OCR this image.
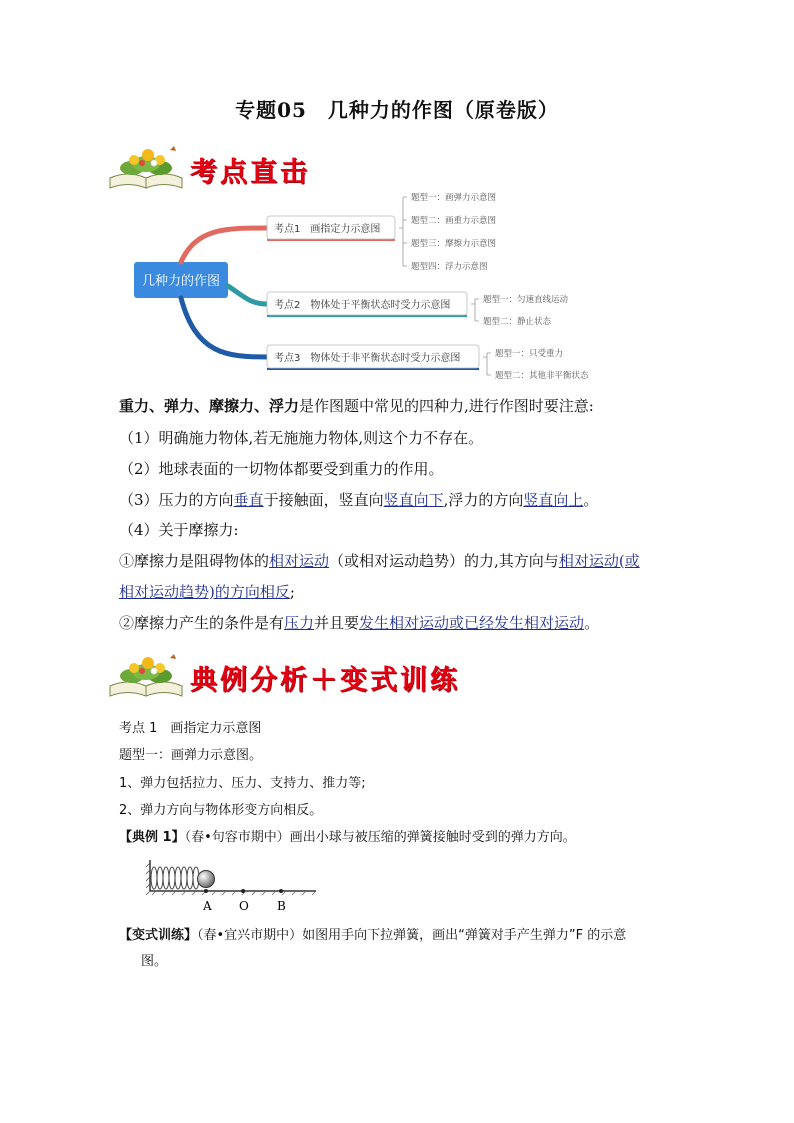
专题05　几种力的作图（原卷版）
考点直击
几种力的作图
考点1　画指定力示意图
题型一：画弹力示意图
题型二：画重力示意图
题型三：摩擦力示意图
题型四：浮力示意图
考点2　物体处于平衡状态时受力示意图	题型一：匀速直线运动
题型二：静止状态
考点3　物体处于非平衡状态时受力示意图	题型一：只受重力
题型二：其他非平衡状态
重力、弹力、摩擦力、浮力是作图题中常见的四种力,进行作图时要注意:
（1）明确施力物体,若无施施力物体,则这个力不存在。
（2）地球表面的一切物体都要受到重力的作用。
（3）压力的方向垂直于接触面，竖直向竖直向下,浮力的方向竖直向上。
（4）关于摩擦力:
①摩擦力是阻碍物体的相对运动（或相对运动趋势）的力,其方向与相对运动(或
相对运动趋势)的方向相反;
②摩擦力产生的条件是有压力并且要发生相对运动或已经发生相对运动。
典例分析＋变式训练
考点 1　画指定力示意图
题型一：画弹力示意图。
1、弹力包括拉力、压力、支持力、推力等;
2、弹力方向与物体形变方向相反。
【典例 1】（春•句容市期中）画出小球与被压缩的弹簧接触时受到的弹力方向。
A O B
【变式训练】（春•宜兴市期中）如图用手向下拉弹簧，画出“弹簧对手产生弹力”F 的示意
图。
